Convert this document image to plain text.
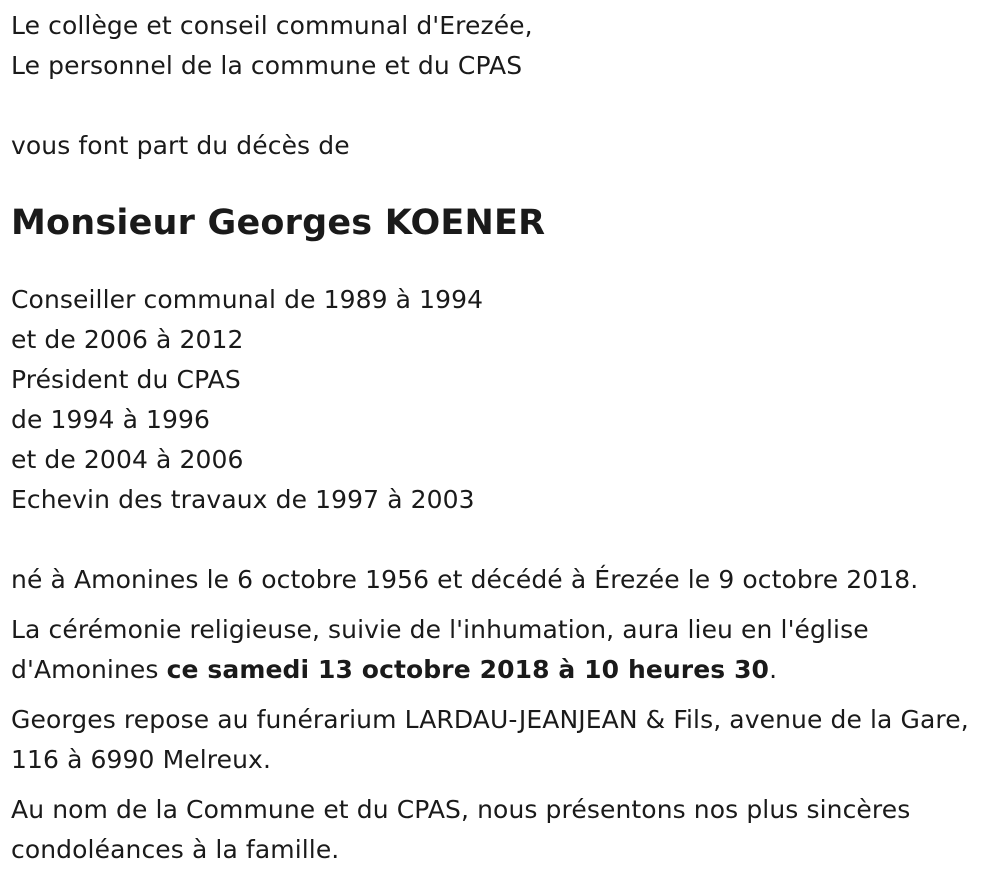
Le collège et conseil communal d'Erezée,
Le personnel de la commune et du CPAS
vous font part du décès de
Monsieur Georges KOENER
Conseiller communal de 1989 à 1994
et de 2006 à 2012
Président du CPAS
de 1994 à 1996
et de 2004 à 2006
Echevin des travaux de 1997 à 2003
né à Amonines le 6 octobre 1956 et décédé à Érezée le 9 octobre 2018.
La cérémonie religieuse, suivie de l'inhumation, aura lieu en l'église d'Amonines ce samedi 13 octobre 2018 à 10 heures 30.
Georges repose au funérarium LARDAU-JEANJEAN & Fils, avenue de la Gare, 116 à 6990 Melreux.
Au nom de la Commune et du CPAS, nous présentons nos plus sincères condoléances à la famille.
